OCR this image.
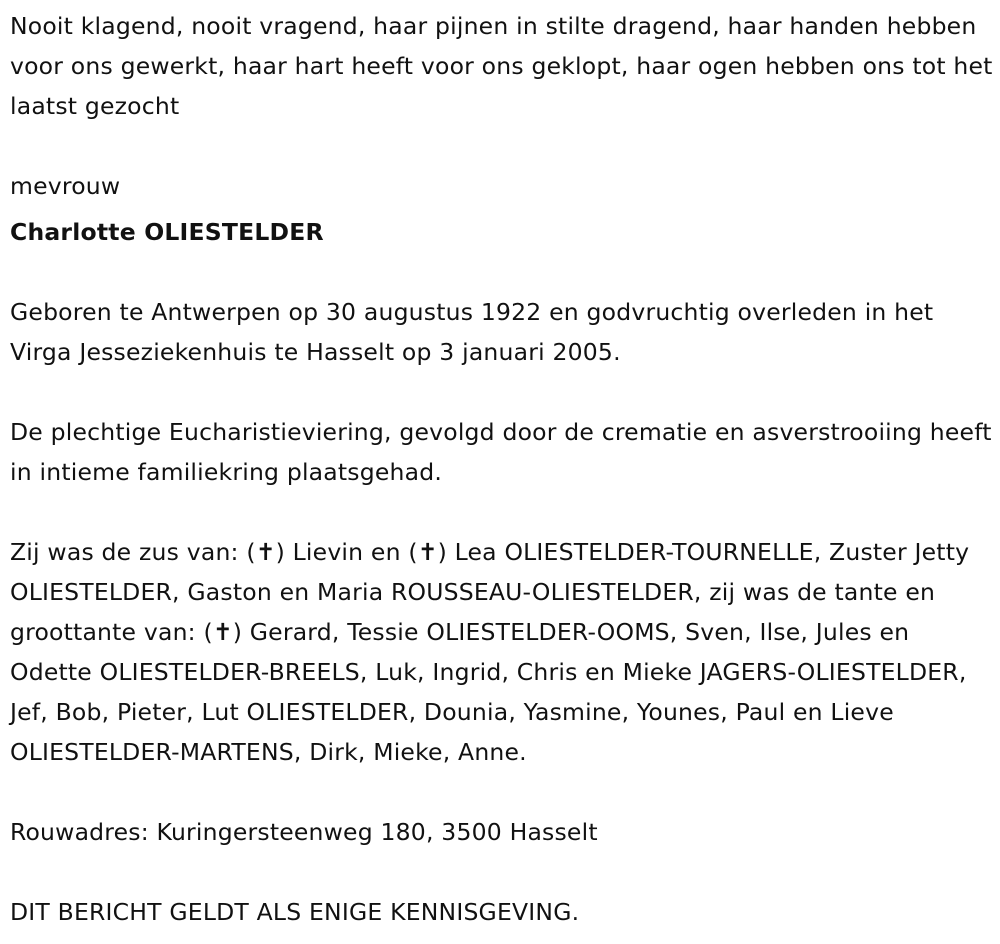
Nooit klagend, nooit vragend, haar pijnen in stilte dragend, haar handen hebben voor ons gewerkt, haar hart heeft voor ons geklopt, haar ogen hebben ons tot het laatst gezocht

mevrouw

Charlotte OLIESTELDER

Geboren te Antwerpen op 30 augustus 1922 en godvruchtig overleden in het Virga Jesseziekenhuis te Hasselt op 3 januari 2005.

De plechtige Eucharistieviering, gevolgd door de crematie en asverstrooiing heeft in intieme familiekring plaatsgehad.

Zij was de zus van: (✝) Lievin en (✝) Lea OLIESTELDER-TOURNELLE, Zuster Jetty OLIESTELDER, Gaston en Maria ROUSSEAU-OLIESTELDER, zij was de tante en groottante van: (✝) Gerard, Tessie OLIESTELDER-OOMS, Sven, Ilse, Jules en Odette OLIESTELDER-BREELS, Luk, Ingrid, Chris en Mieke JAGERS-OLIESTELDER, Jef, Bob, Pieter, Lut OLIESTELDER, Dounia, Yasmine, Younes, Paul en Lieve OLIESTELDER-MARTENS, Dirk, Mieke, Anne.

Rouwadres: Kuringersteenweg 180, 3500 Hasselt

DIT BERICHT GELDT ALS ENIGE KENNISGEVING.
